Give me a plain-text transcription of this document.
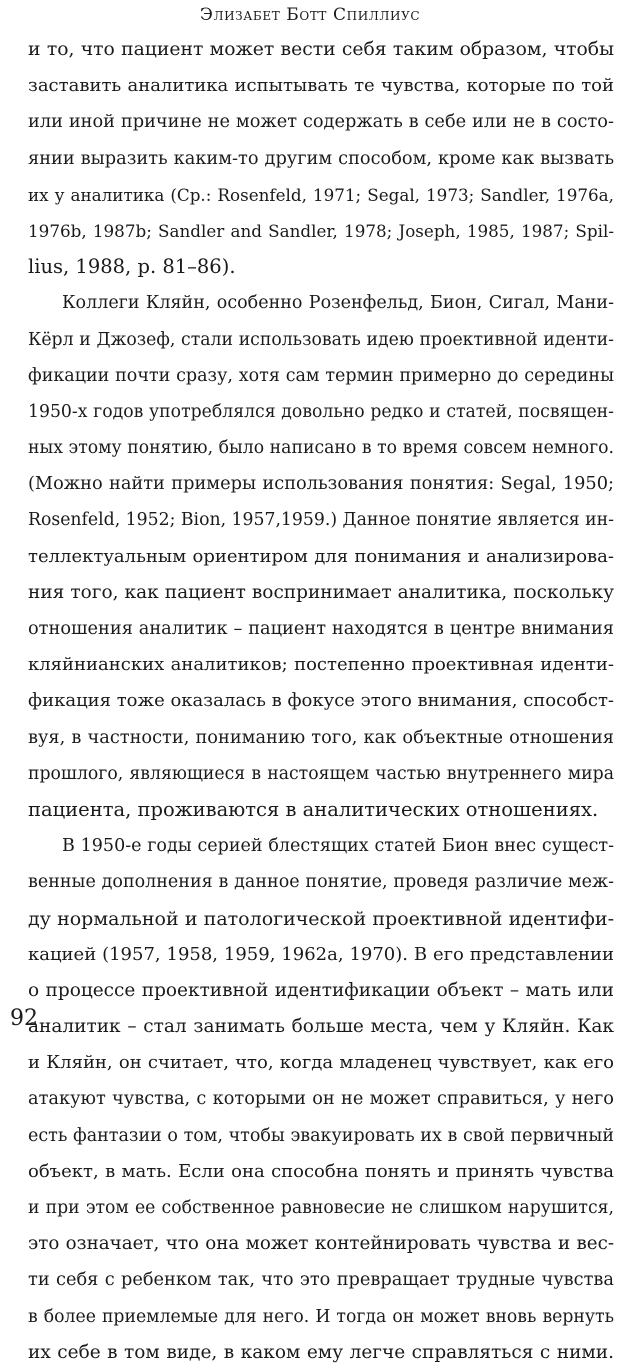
Элизабет Ботт Спиллиус
и то, что пациент может вести себя таким образом, чтобы
заставить аналитика испытывать те чувства, которые по той
или иной причине не может содержать в себе или не в состо-
янии выразить каким-то другим способом, кроме как вызвать
их у аналитика (Ср.: Rosenfeld, 1971; Segal, 1973; Sandler, 1976a,
1976b, 1987b; Sandler and Sandler, 1978; Joseph, 1985, 1987; Spil-
lius, 1988, p. 81–86).
Коллеги Кляйн, особенно Розенфельд, Бион, Сигал, Мани-
Кёрл и Джозеф, стали использовать идею проективной иденти-
фикации почти сразу, хотя сам термин примерно до середины
1950-х годов употреблялся довольно редко и статей, посвящен-
ных этому понятию, было написано в то время совсем немного.
(Можно найти примеры использования понятия: Segal, 1950;
Rosenfeld, 1952; Bion, 1957,1959.) Данное понятие является ин-
теллектуальным ориентиром для понимания и анализирова-
ния того, как пациент воспринимает аналитика, поскольку
отношения аналитик – пациент находятся в центре внимания
кляйнианских аналитиков; постепенно проективная иденти-
фикация тоже оказалась в фокусе этого внимания, способст-
вуя, в частности, пониманию того, как объектные отношения
прошлого, являющиеся в настоящем частью внутреннего мира
пациента, проживаются в аналитических отношениях.
В 1950-е годы серией блестящих статей Бион внес сущест-
венные дополнения в данное понятие, проведя различие меж-
ду нормальной и патологической проективной идентифи-
кацией (1957, 1958, 1959, 1962a, 1970). В его представлении
о процессе проективной идентификации объект – мать или
аналитик – стал занимать больше места, чем у Кляйн. Как
и Кляйн, он считает, что, когда младенец чувствует, как его
атакуют чувства, с которыми он не может справиться, у него
есть фантазии о том, чтобы эвакуировать их в свой первичный
объект, в мать. Если она способна понять и принять чувства
и при этом ее собственное равновесие не слишком нарушится,
это означает, что она может контейнировать чувства и вес-
ти себя с ребенком так, что это превращает трудные чувства
в более приемлемые для него. И тогда он может вновь вернуть
их себе в том виде, в каком ему легче справляться с ними.
92
